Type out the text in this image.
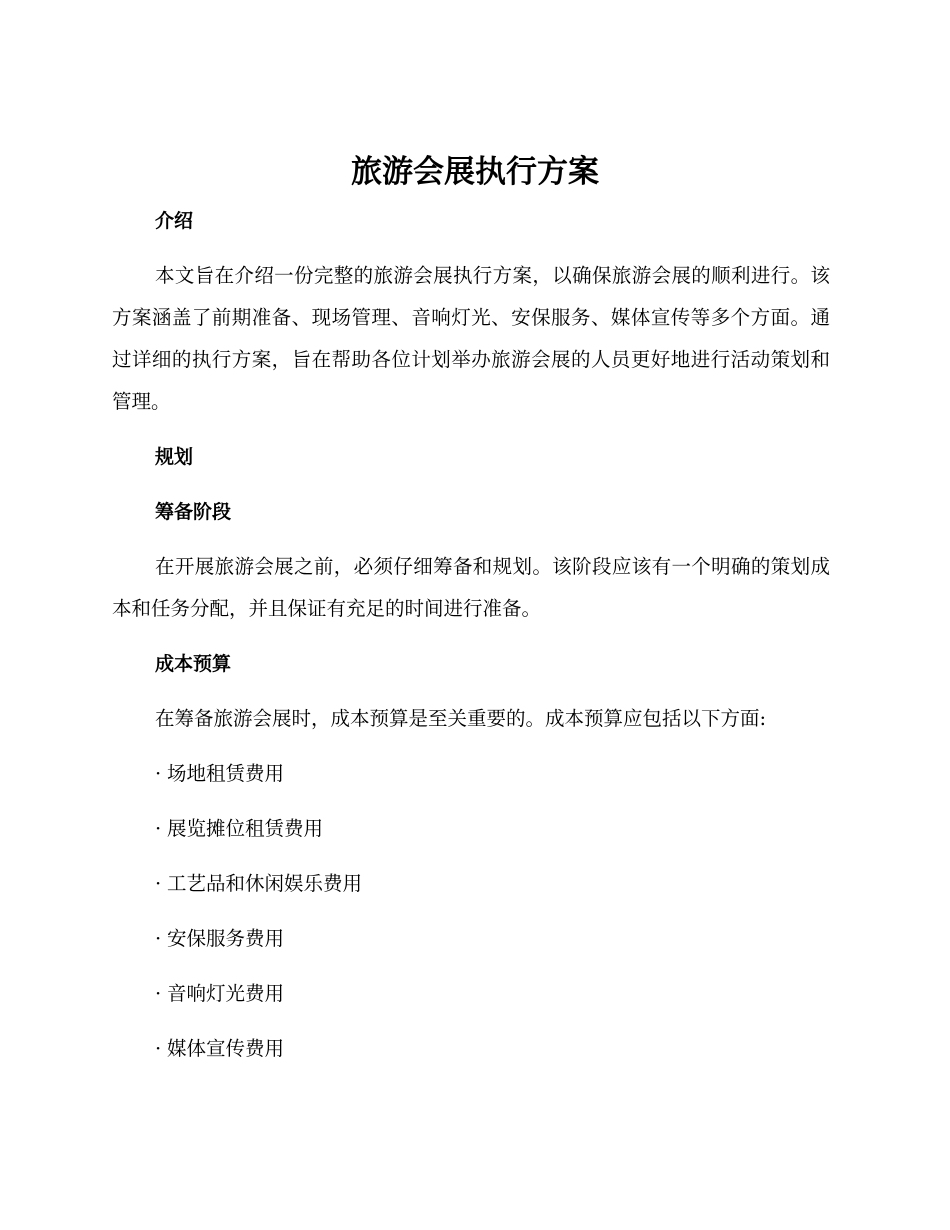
旅游会展执行方案
介绍

本文旨在介绍一份完整的旅游会展执行方案，以确保旅游会展的顺利进行。该方案涵盖了前期准备、现场管理、音响灯光、安保服务、媒体宣传等多个方面。通过详细的执行方案，旨在帮助各位计划举办旅游会展的人员更好地进行活动策划和管理。

规划
筹备阶段

在开展旅游会展之前，必须仔细筹备和规划。该阶段应该有一个明确的策划成本和任务分配，并且保证有充足的时间进行准备。

成本预算

在筹备旅游会展时，成本预算是至关重要的。成本预算应包括以下方面:

· 场地租赁费用
· 展览摊位租赁费用
· 工艺品和休闲娱乐费用
· 安保服务费用
· 音响灯光费用
· 媒体宣传费用
